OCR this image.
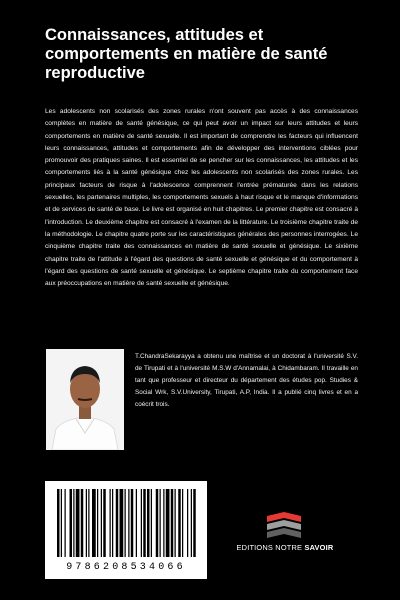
Connaissances, attitudes et comportements en matière de santé reproductive

Les adolescents non scolarisés des zones rurales n'ont souvent pas accès à des connaissances complètes en matière de santé génésique, ce qui peut avoir un impact sur leurs attitudes et leurs comportements en matière de santé sexuelle. Il est important de comprendre les facteurs qui influencent leurs connaissances, attitudes et comportements afin de développer des interventions ciblées pour promouvoir des pratiques saines. Il est essentiel de se pencher sur les connaissances, les attitudes et les comportements liés à la santé génésique chez les adolescents non scolarisés des zones rurales. Les principaux facteurs de risque à l'adolescence comprennent l'entrée prématurée dans les relations sexuelles, les partenaires multiples, les comportements sexuels à haut risque et le manque d'informations et de services de santé de base. Le livre est organisé en huit chapitres. Le premier chapitre est consacré à l'introduction. Le deuxième chapitre est consacré à l'examen de la littérature. Le troisième chapitre traite de la méthodologie. Le chapitre quatre porte sur les caractéristiques générales des personnes interrogées. Le cinquième chapitre traite des connaissances en matière de santé sexuelle et génésique. Le sixième chapitre traite de l'attitude à l'égard des questions de santé sexuelle et génésique et du comportement à l'égard des questions de santé sexuelle et génésique. Le septième chapitre traite du comportement face aux préoccupations en matière de santé sexuelle et génésique.

T.ChandraSekarayya a obtenu une maîtrise et un doctorat à l'université S.V. de Tirupati et à l'université M.S.W d'Annamalai, à Chidambaram. Il travaille en tant que professeur et directeur du département des études pop. Studies & Social Wrk, S.V.University, Tirupati, A.P, India. Il a publié cinq livres et en a coécrit trois.

9786208534066
EDITIONS NOTRE SAVOIR
